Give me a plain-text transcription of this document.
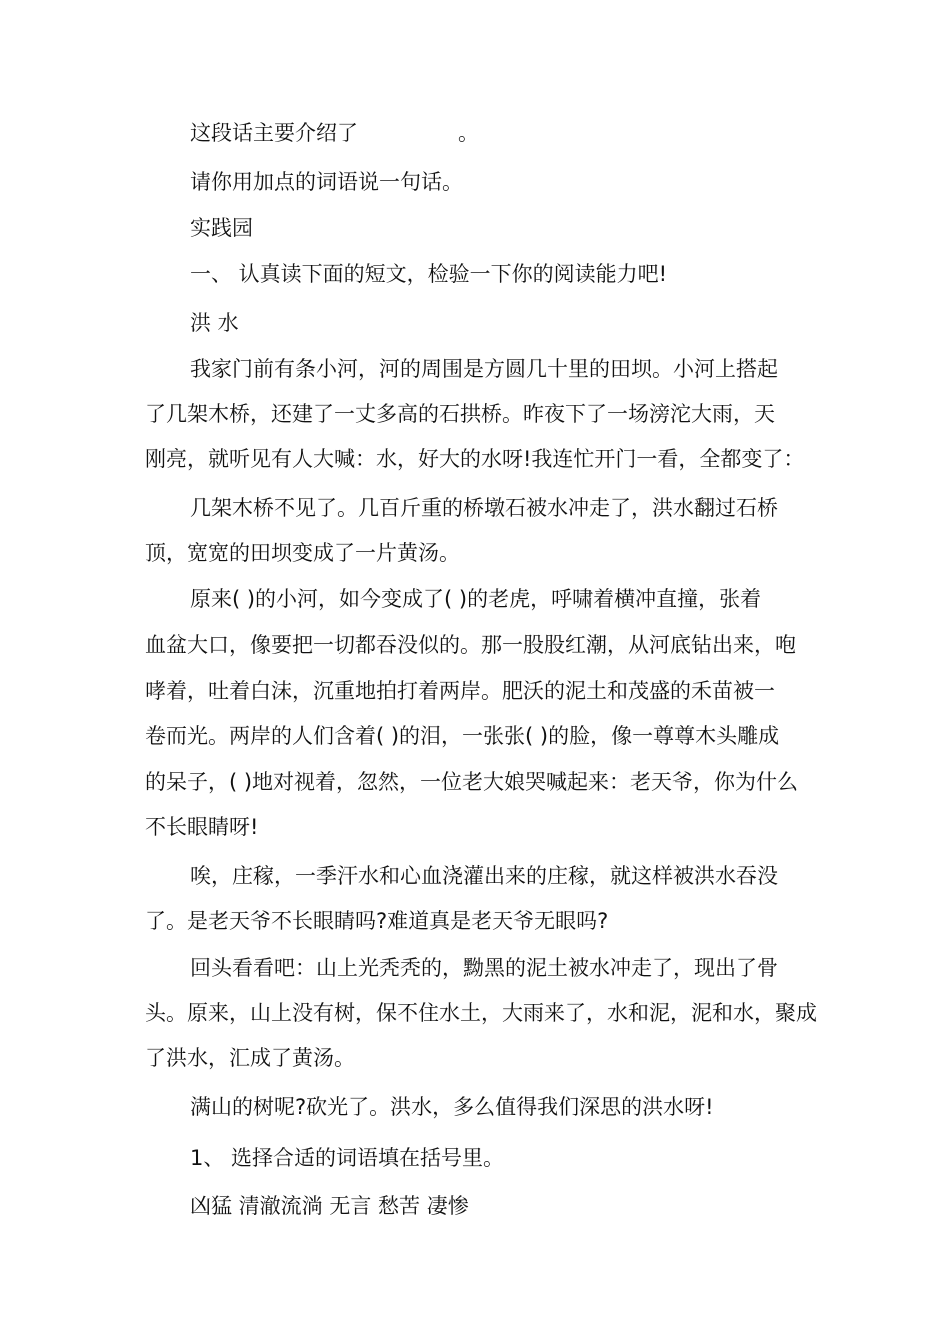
这段话主要介绍了	。
请你用加点的词语说一句话。
实践园
一、 认真读下面的短文，检验一下你的阅读能力吧!
洪 水
我家门前有条小河，河的周围是方圆几十里的田坝。小河上搭起
了几架木桥，还建了一丈多高的石拱桥。昨夜下了一场滂沱大雨，天
刚亮，就听见有人大喊：水，好大的水呀!我连忙开门一看，全都变了：
几架木桥不见了。几百斤重的桥墩石被水冲走了，洪水翻过石桥
顶，宽宽的田坝变成了一片黄汤。
原来( )的小河，如今变成了( )的老虎，呼啸着横冲直撞，张着
血盆大口，像要把一切都吞没似的。那一股股红潮，从河底钻出来，咆
哮着，吐着白沫，沉重地拍打着两岸。肥沃的泥土和茂盛的禾苗被一
卷而光。两岸的人们含着( )的泪，一张张( )的脸，像一尊尊木头雕成
的呆子，( )地对视着，忽然，一位老大娘哭喊起来：老天爷，你为什么
不长眼睛呀!
唉，庄稼，一季汗水和心血浇灌出来的庄稼，就这样被洪水吞没
了。是老天爷不长眼睛吗?难道真是老天爷无眼吗?
回头看看吧：山上光秃秃的，黝黑的泥土被水冲走了，现出了骨
头。原来，山上没有树，保不住水土，大雨来了，水和泥，泥和水，聚成
了洪水，汇成了黄汤。
满山的树呢?砍光了。洪水，多么值得我们深思的洪水呀!
1、 选择合适的词语填在括号里。
凶猛 清澈流淌 无言 愁苦 凄惨
